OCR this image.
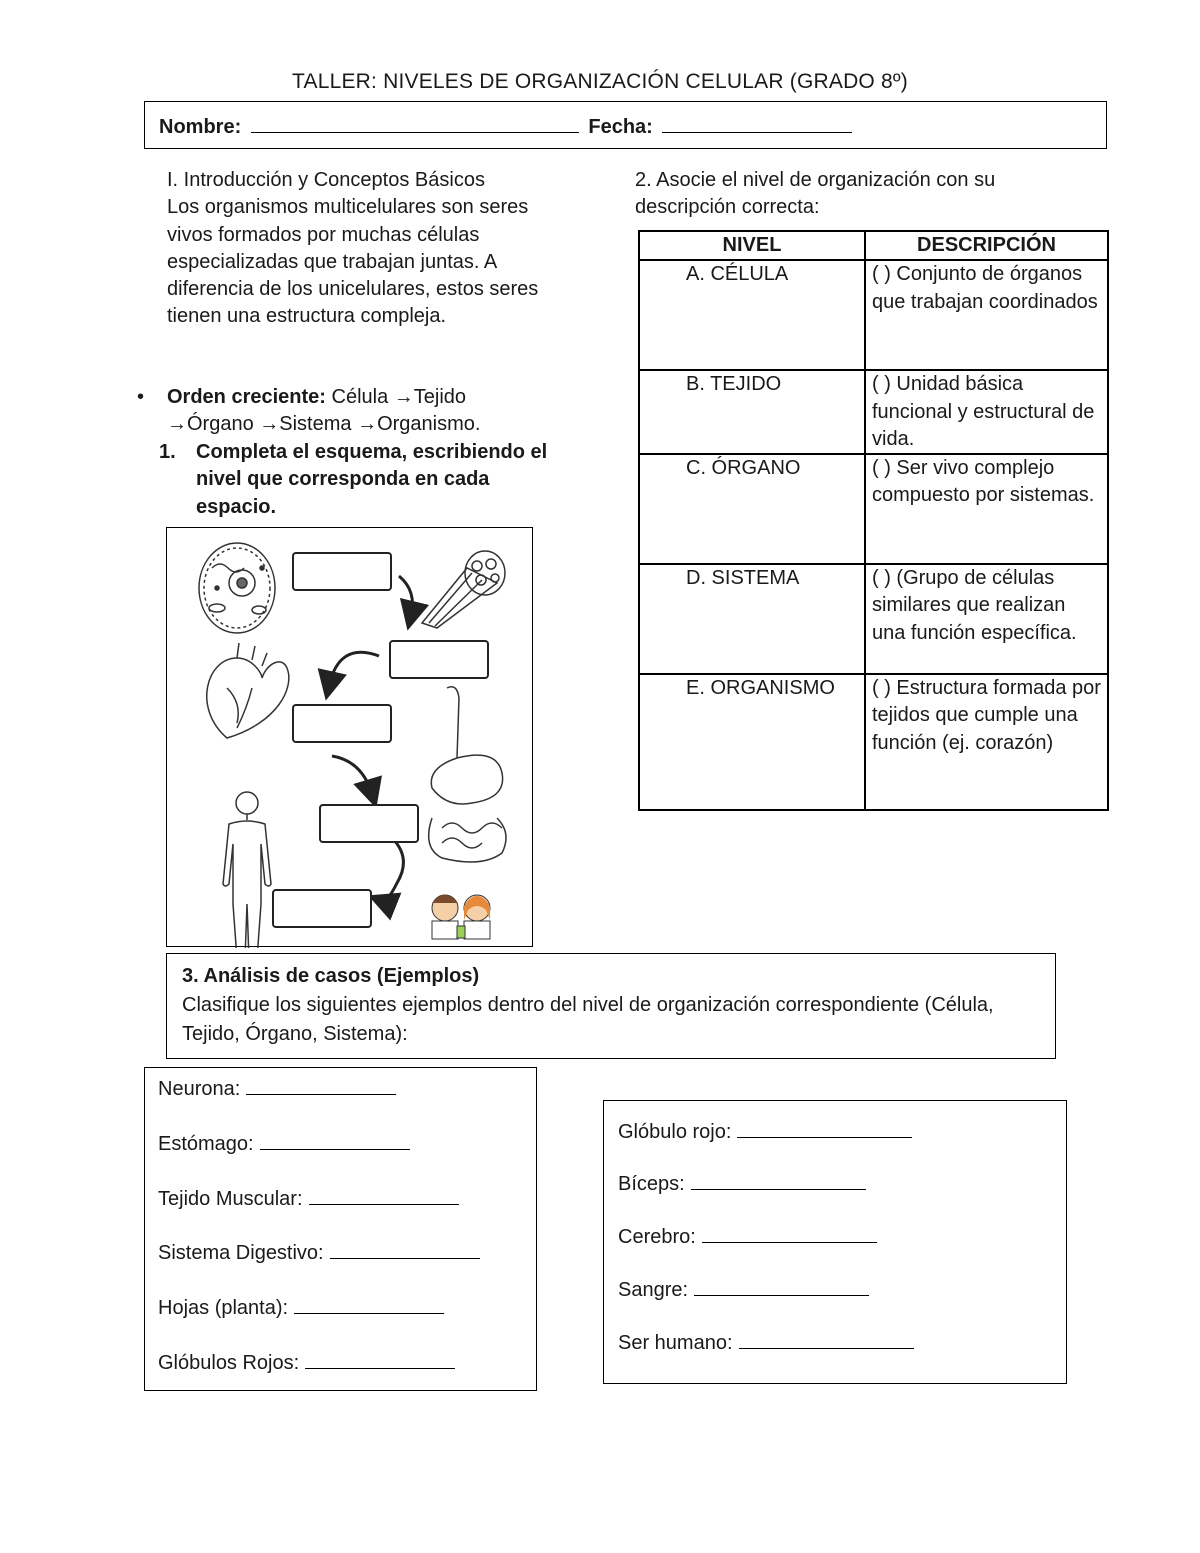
TALLER: NIVELES DE ORGANIZACIÓN CELULAR (GRADO 8º)
Nombre:	Fecha:
I. Introducción y Conceptos Básicos
Los organismos multicelulares son seres vivos formados por muchas células especializadas que trabajan juntas. A diferencia de los unicelulares, estos seres tienen una estructura compleja.
• Orden creciente: Célula →Tejido →Órgano →Sistema →Organismo.
1. Completa el esquema, escribiendo el nivel que corresponda en cada espacio.
2. Asocie el nivel de organización con su descripción correcta:
NIVEL	DESCRIPCIÓN
A. CÉLULA	( ) Conjunto de órganos que trabajan coordinados
B. TEJIDO	( ) Unidad básica funcional y estructural de vida.
C. ÓRGANO	( ) Ser vivo complejo compuesto por sistemas.
D. SISTEMA	( ) (Grupo de células similares que realizan una función específica.
E. ORGANISMO	( ) Estructura formada por tejidos que cumple una función (ej. corazón)
3. Análisis de casos (Ejemplos)
Clasifique los siguientes ejemplos dentro del nivel de organización correspondiente (Célula, Tejido, Órgano, Sistema):
Neurona:
Estómago:
Tejido Muscular:
Sistema Digestivo:
Hojas (planta):
Glóbulos Rojos:
Glóbulo rojo:
Bíceps:
Cerebro:
Sangre:
Ser humano:
